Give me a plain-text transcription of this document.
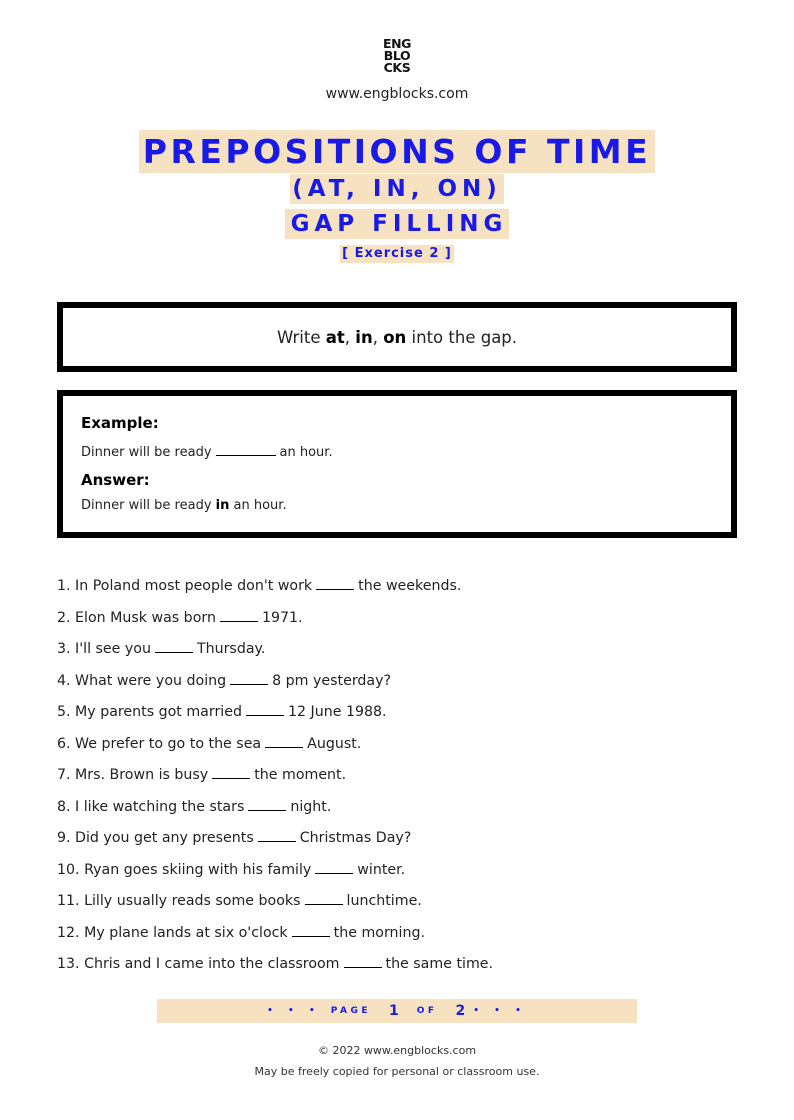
ENG
BLO
CKS
www.engblocks.com
PREPOSITIONS OF TIME
(AT, IN, ON)
GAP FILLING
[ Exercise 2 ]
Write at, in, on into the gap.
Example:
Dinner will be ready	an hour.
Answer:
Dinner will be ready in an hour.
1. In Poland most people don't work	the weekends.
2. Elon Musk was born	1971.
3. I'll see you	Thursday.
4. What were you doing	8 pm yesterday?
5. My parents got married	12 June 1988.
6. We prefer to go to the sea	August.
7. Mrs. Brown is busy	the moment.
8. I like watching the stars	night.
9. Did you get any presents	Christmas Day?
10. Ryan goes skiing with his family	winter.
11. Lilly usually reads some books	lunchtime.
12. My plane lands at six o'clock	the morning.
13. Chris and I came into the classroom	the same time.
• • • PAGE 1 OF 2 • • •
© 2022 www.engblocks.com
May be freely copied for personal or classroom use.
